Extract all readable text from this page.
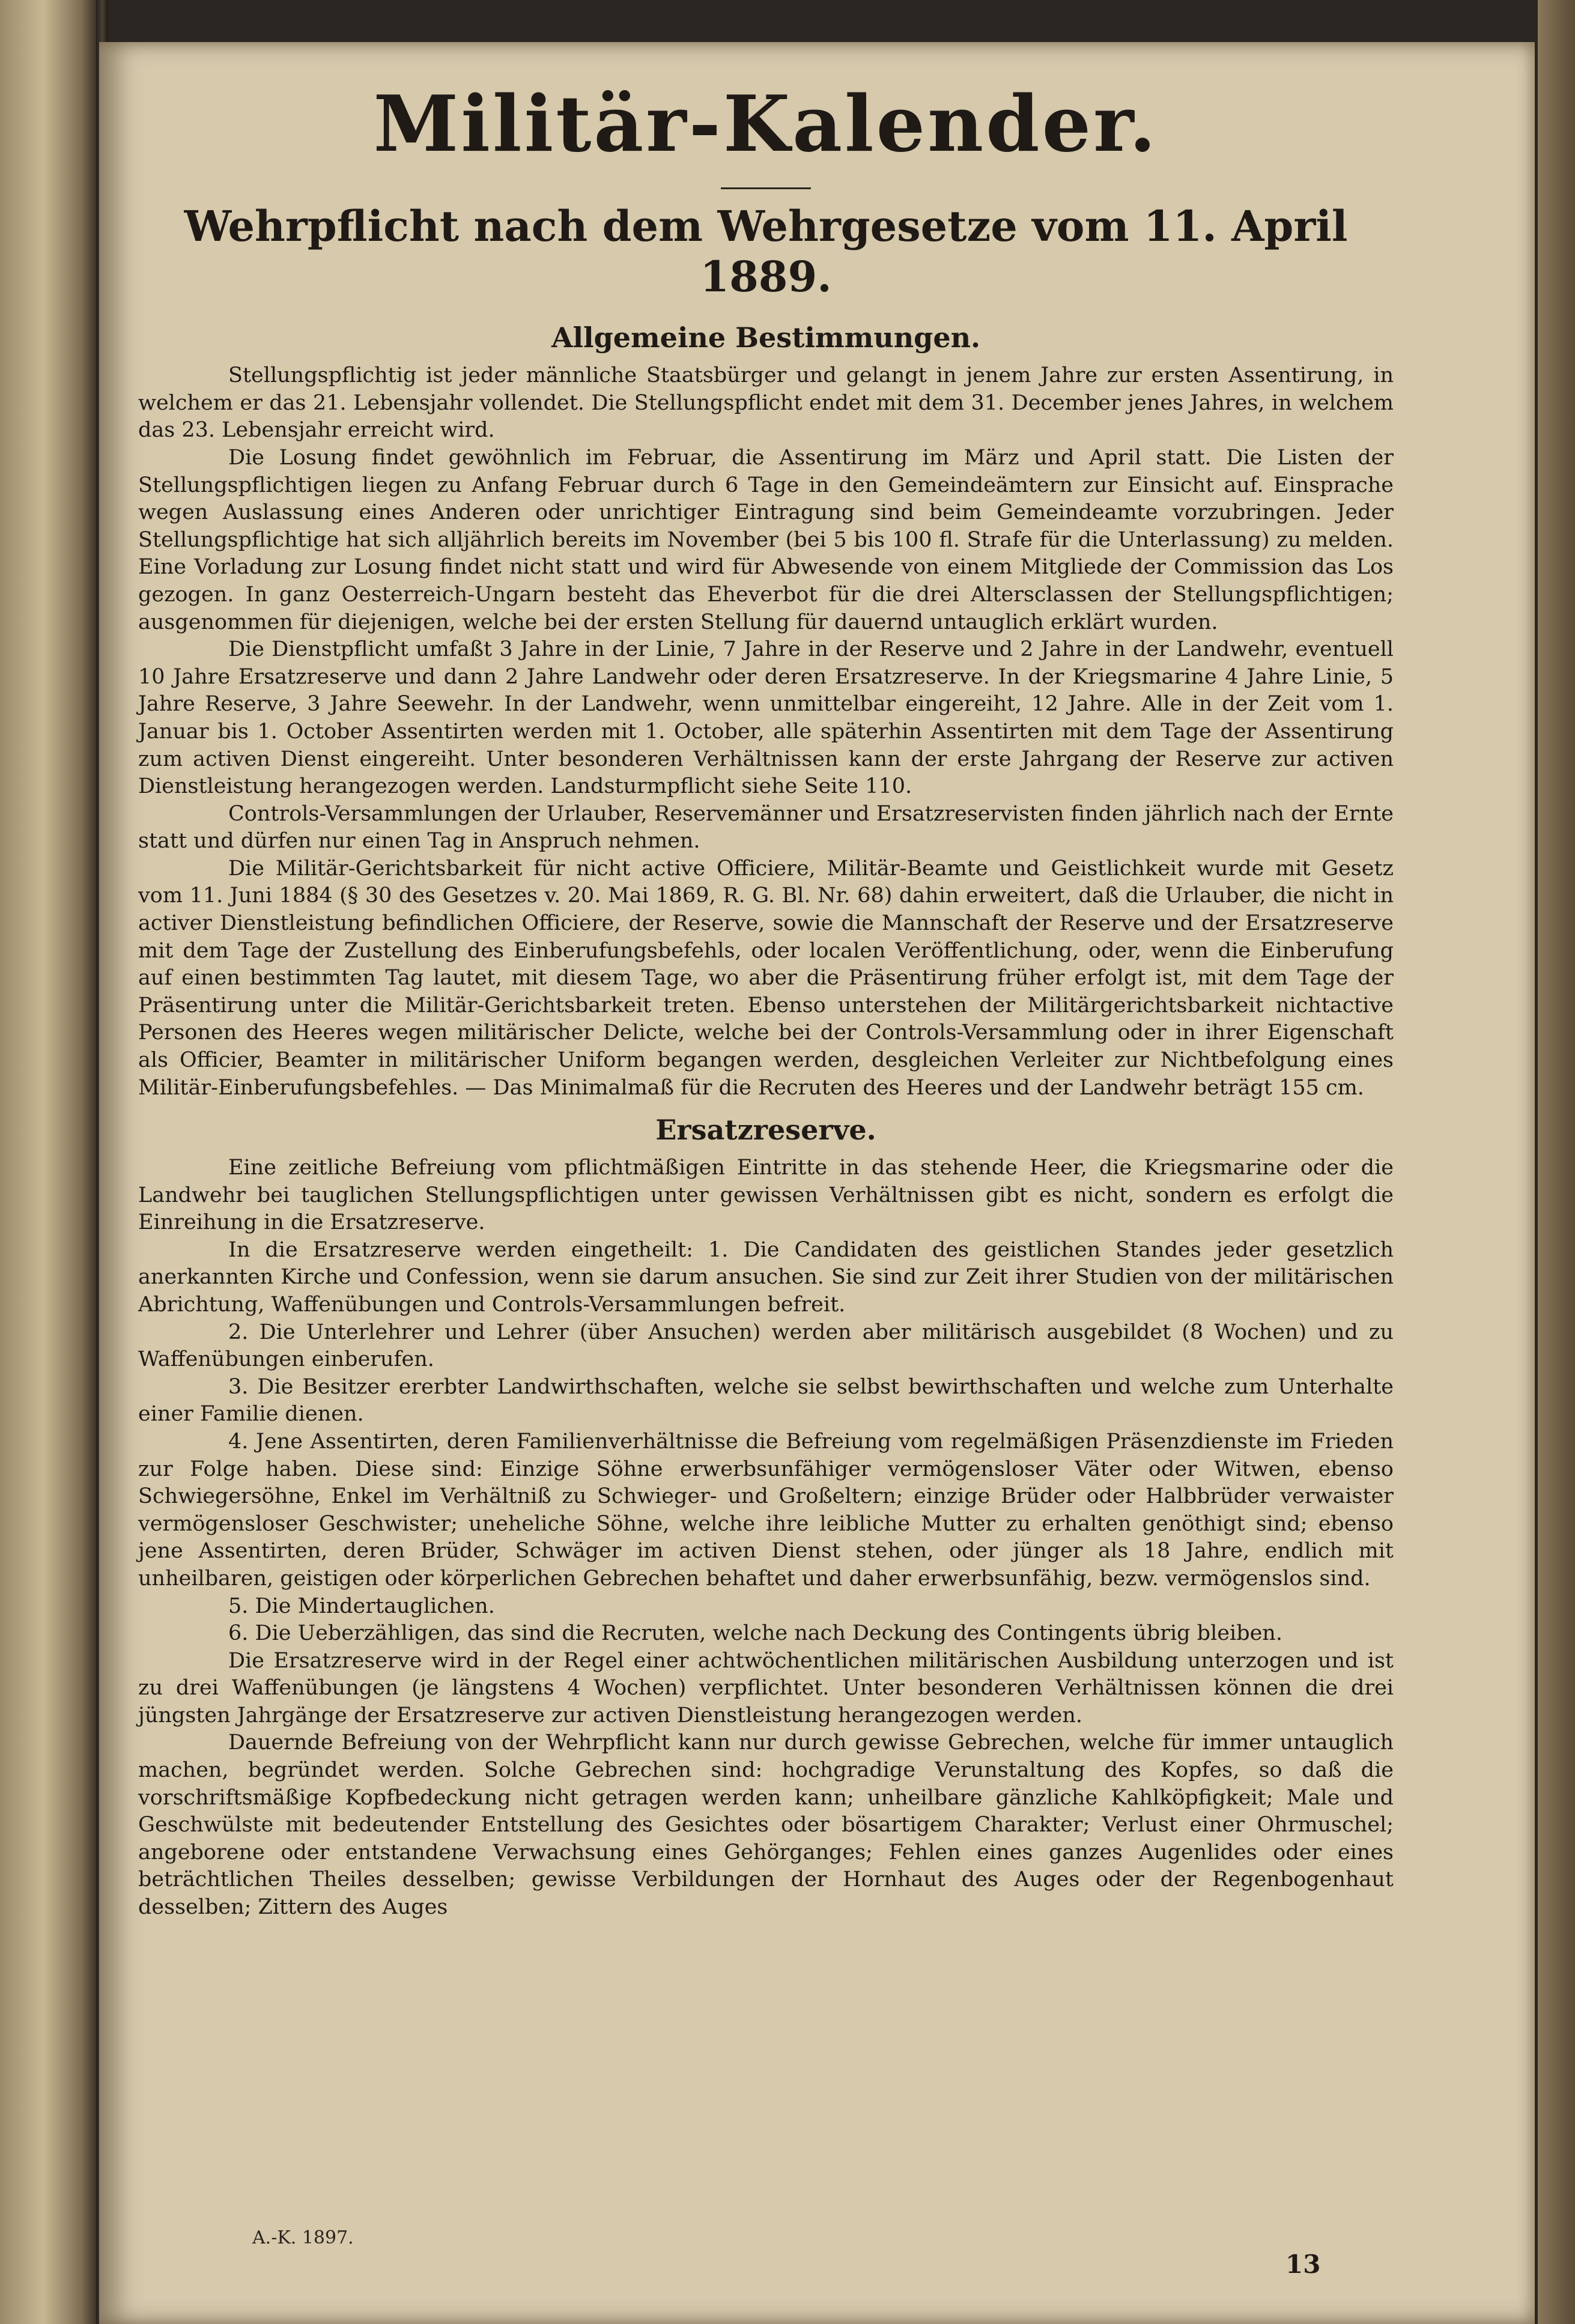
Militär-Kalender.
Wehrpflicht nach dem Wehrgesetze vom 11. April 1889.
Allgemeine Bestimmungen.

Stellungspflichtig ist jeder männliche Staatsbürger und gelangt in jenem Jahre zur ersten Assentirung, in welchem er das 21. Lebensjahr vollendet. Die Stellungspflicht endet mit dem 31. December jenes Jahres, in welchem das 23. Lebensjahr erreicht wird.

Die Losung findet gewöhnlich im Februar, die Assentirung im März und April statt. Die Listen der Stellungspflichtigen liegen zu Anfang Februar durch 6 Tage in den Gemeindeämtern zur Einsicht auf. Einsprache wegen Auslassung eines Anderen oder unrichtiger Eintragung sind beim Gemeindeamte vorzubringen. Jeder Stellungspflichtige hat sich alljährlich bereits im November (bei 5 bis 100 fl. Strafe für die Unterlassung) zu melden. Eine Vorladung zur Losung findet nicht statt und wird für Abwesende von einem Mitgliede der Commission das Los gezogen. In ganz Oesterreich-Ungarn besteht das Eheverbot für die drei Altersclassen der Stellungspflichtigen; ausgenommen für diejenigen, welche bei der ersten Stellung für dauernd untauglich erklärt wurden.

Die Dienstpflicht umfaßt 3 Jahre in der Linie, 7 Jahre in der Reserve und 2 Jahre in der Landwehr, eventuell 10 Jahre Ersatzreserve und dann 2 Jahre Landwehr oder deren Ersatzreserve. In der Kriegsmarine 4 Jahre Linie, 5 Jahre Reserve, 3 Jahre Seewehr. In der Landwehr, wenn unmittelbar eingereiht, 12 Jahre. Alle in der Zeit vom 1. Januar bis 1. October Assentirten werden mit 1. October, alle späterhin Assentirten mit dem Tage der Assentirung zum activen Dienst eingereiht. Unter besonderen Verhältnissen kann der erste Jahrgang der Reserve zur activen Dienstleistung herangezogen werden. Landsturmpflicht siehe Seite 110.

Controls-Versammlungen der Urlauber, Reservemänner und Ersatzreservisten finden jährlich nach der Ernte statt und dürfen nur einen Tag in Anspruch nehmen.

Die Militär-Gerichtsbarkeit für nicht active Officiere, Militär-Beamte und Geistlichkeit wurde mit Gesetz vom 11. Juni 1884 (§ 30 des Gesetzes v. 20. Mai 1869, R. G. Bl. Nr. 68) dahin erweitert, daß die Urlauber, die nicht in activer Dienstleistung befindlichen Officiere, der Reserve, sowie die Mannschaft der Reserve und der Ersatzreserve mit dem Tage der Zustellung des Einberufungsbefehls, oder localen Veröffentlichung, oder, wenn die Einberufung auf einen bestimmten Tag lautet, mit diesem Tage, wo aber die Präsentirung früher erfolgt ist, mit dem Tage der Präsentirung unter die Militär-Gerichtsbarkeit treten. Ebenso unterstehen der Militärgerichtsbarkeit nichtactive Personen des Heeres wegen militärischer Delicte, welche bei der Controls-Versammlung oder in ihrer Eigenschaft als Officier, Beamter in militärischer Uniform begangen werden, desgleichen Verleiter zur Nichtbefolgung eines Militär-Einberufungsbefehles. — Das Minimalmaß für die Recruten des Heeres und der Landwehr beträgt 155 cm.

Ersatzreserve.

Eine zeitliche Befreiung vom pflichtmäßigen Eintritte in das stehende Heer, die Kriegsmarine oder die Landwehr bei tauglichen Stellungspflichtigen unter gewissen Verhältnissen gibt es nicht, sondern es erfolgt die Einreihung in die Ersatzreserve.

In die Ersatzreserve werden eingetheilt: 1. Die Candidaten des geistlichen Standes jeder gesetzlich anerkannten Kirche und Confession, wenn sie darum ansuchen. Sie sind zur Zeit ihrer Studien von der militärischen Abrichtung, Waffenübungen und Controls-Versammlungen befreit.

2. Die Unterlehrer und Lehrer (über Ansuchen) werden aber militärisch ausgebildet (8 Wochen) und zu Waffenübungen einberufen.

3. Die Besitzer ererbter Landwirthschaften, welche sie selbst bewirthschaften und welche zum Unterhalte einer Familie dienen.

4. Jene Assentirten, deren Familienverhältnisse die Befreiung vom regelmäßigen Präsenzdienste im Frieden zur Folge haben. Diese sind: Einzige Söhne erwerbsunfähiger vermögensloser Väter oder Witwen, ebenso Schwiegersöhne, Enkel im Verhältniß zu Schwieger- und Großeltern; einzige Brüder oder Halbbrüder verwaister vermögensloser Geschwister; uneheliche Söhne, welche ihre leibliche Mutter zu erhalten genöthigt sind; ebenso jene Assentirten, deren Brüder, Schwäger im activen Dienst stehen, oder jünger als 18 Jahre, endlich mit unheilbaren, geistigen oder körperlichen Gebrechen behaftet und daher erwerbsunfähig, bezw. vermögenslos sind.

5. Die Mindertauglichen.

6. Die Ueberzähligen, das sind die Recruten, welche nach Deckung des Contingents übrig bleiben.

Die Ersatzreserve wird in der Regel einer achtwöchentlichen militärischen Ausbildung unterzogen und ist zu drei Waffenübungen (je längstens 4 Wochen) verpflichtet. Unter besonderen Verhältnissen können die drei jüngsten Jahrgänge der Ersatzreserve zur activen Dienstleistung herangezogen werden.

Dauernde Befreiung von der Wehrpflicht kann nur durch gewisse Gebrechen, welche für immer untauglich machen, begründet werden. Solche Gebrechen sind: hochgradige Verunstaltung des Kopfes, so daß die vorschriftsmäßige Kopfbedeckung nicht getragen werden kann; unheilbare gänzliche Kahlköpfigkeit; Male und Geschwülste mit bedeutender Entstellung des Gesichtes oder bösartigem Charakter; Verlust einer Ohrmuschel; angeborene oder entstandene Verwachsung eines Gehörganges; Fehlen eines ganzes Augenlides oder eines beträchtlichen Theiles desselben; gewisse Verbildungen der Hornhaut des Auges oder der Regenbogenhaut desselben; Zittern des Auges

A.-K. 1897.
13
